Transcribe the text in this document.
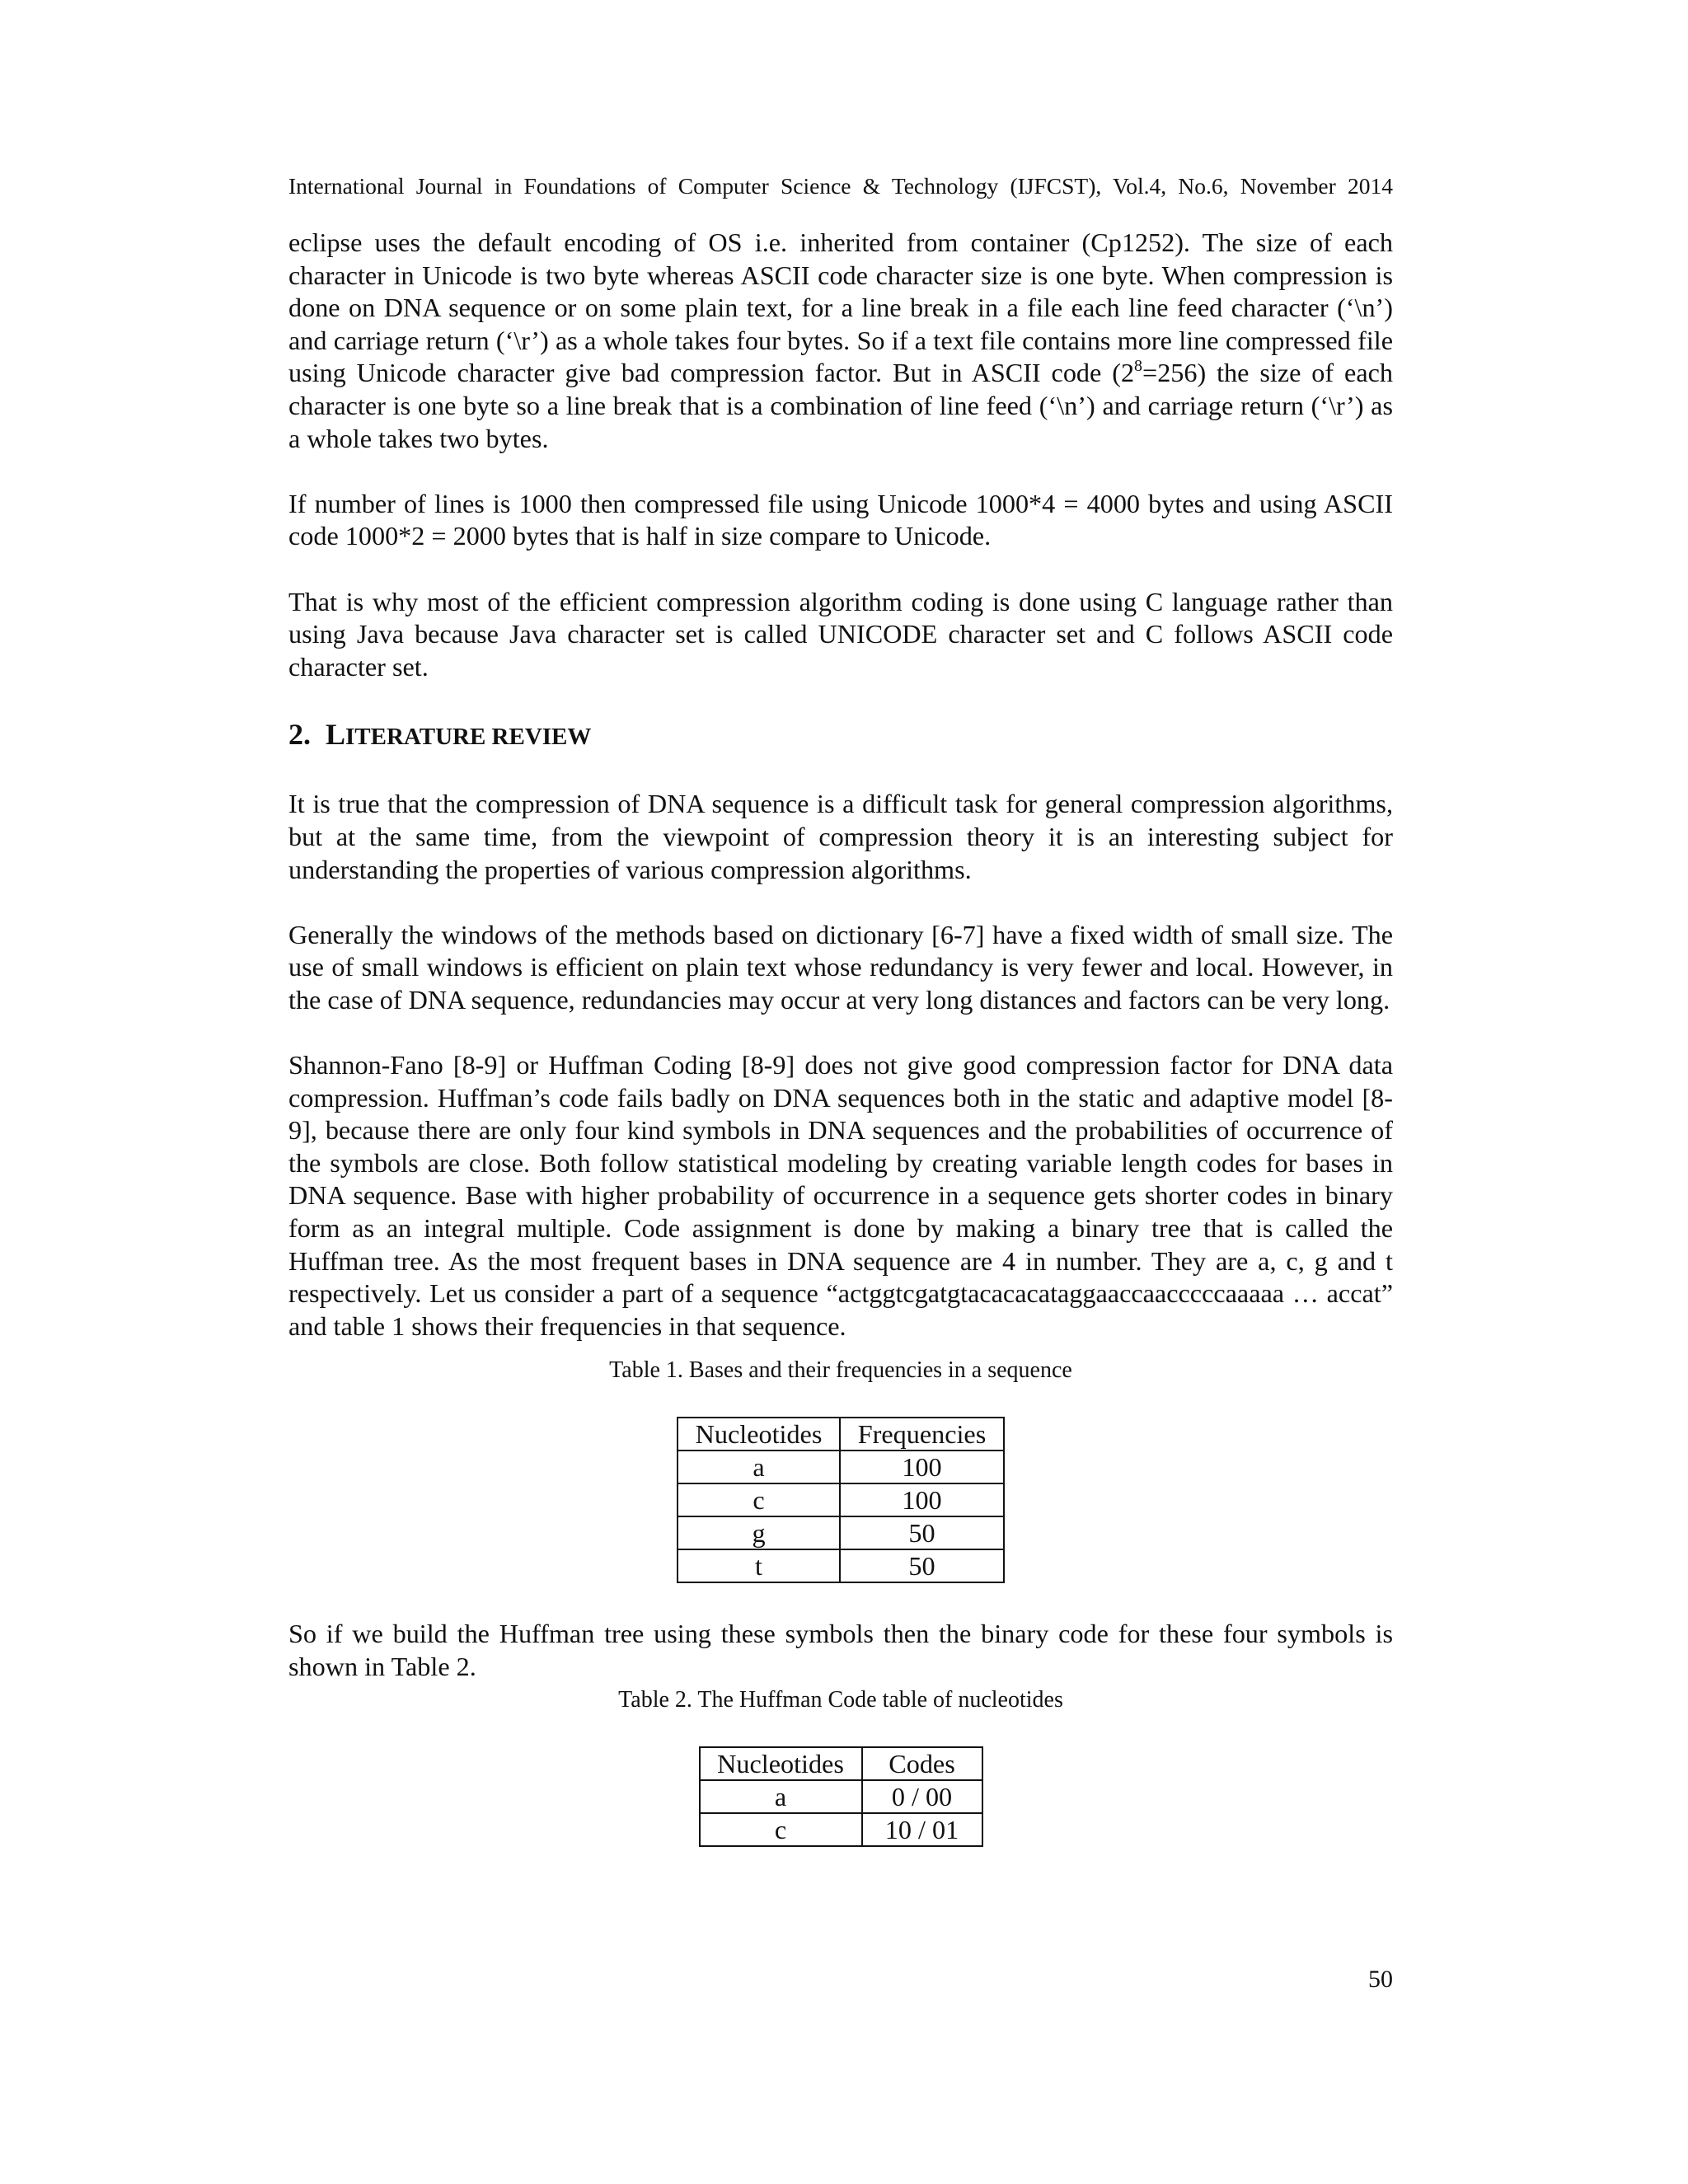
International Journal in Foundations of Computer Science & Technology (IJFCST), Vol.4, No.6, November 2014

eclipse uses the default encoding of OS i.e. inherited from container (Cp1252). The size of each character in Unicode is two byte whereas ASCII code character size is one byte. When compression is done on DNA sequence or on some plain text, for a line break in a file each line feed character (‘\n’) and carriage return (‘\r’) as a whole takes four bytes. So if a text file contains more line compressed file using Unicode character give bad compression factor. But in ASCII code $(2^8=256)$ the size of each character is one byte so a line break that is a combination of line feed (‘\n’) and carriage return (‘\r’) as a whole takes two bytes.

If number of lines is 1000 then compressed file using Unicode 1000*4 = 4000 bytes and using ASCII code 1000*2 = 2000 bytes that is half in size compare to Unicode.

That is why most of the efficient compression algorithm coding is done using C language rather than using Java because Java character set is called UNICODE character set and C follows ASCII code character set.

2. LITERATURE REVIEW

It is true that the compression of DNA sequence is a difficult task for general compression algorithms, but at the same time, from the viewpoint of compression theory it is an interesting subject for understanding the properties of various compression algorithms.

Generally the windows of the methods based on dictionary [6-7] have a fixed width of small size. The use of small windows is efficient on plain text whose redundancy is very fewer and local. However, in the case of DNA sequence, redundancies may occur at very long distances and factors can be very long.

Shannon-Fano [8-9] or Huffman Coding [8-9] does not give good compression factor for DNA data compression. Huffman’s code fails badly on DNA sequences both in the static and adaptive model [8-9], because there are only four kind symbols in DNA sequences and the probabilities of occurrence of the symbols are close. Both follow statistical modeling by creating variable length codes for bases in DNA sequence. Base with higher probability of occurrence in a sequence gets shorter codes in binary form as an integral multiple. Code assignment is done by making a binary tree that is called the Huffman tree. As the most frequent bases in DNA sequence are 4 in number. They are a, c, g and t respectively. Let us consider a part of a sequence “actggtcgatgtacacacataggaaccaacccccaaaaa … accat” and table 1 shows their frequencies in that sequence.

Table 1. Bases and their frequencies in a sequence

Nucleotides	Frequencies
a	100
c	100
g	50
t	50

So if we build the Huffman tree using these symbols then the binary code for these four symbols is shown in Table 2.

Table 2. The Huffman Code table of nucleotides

Nucleotides	Codes
a	0 / 00
c	10 / 01
50
